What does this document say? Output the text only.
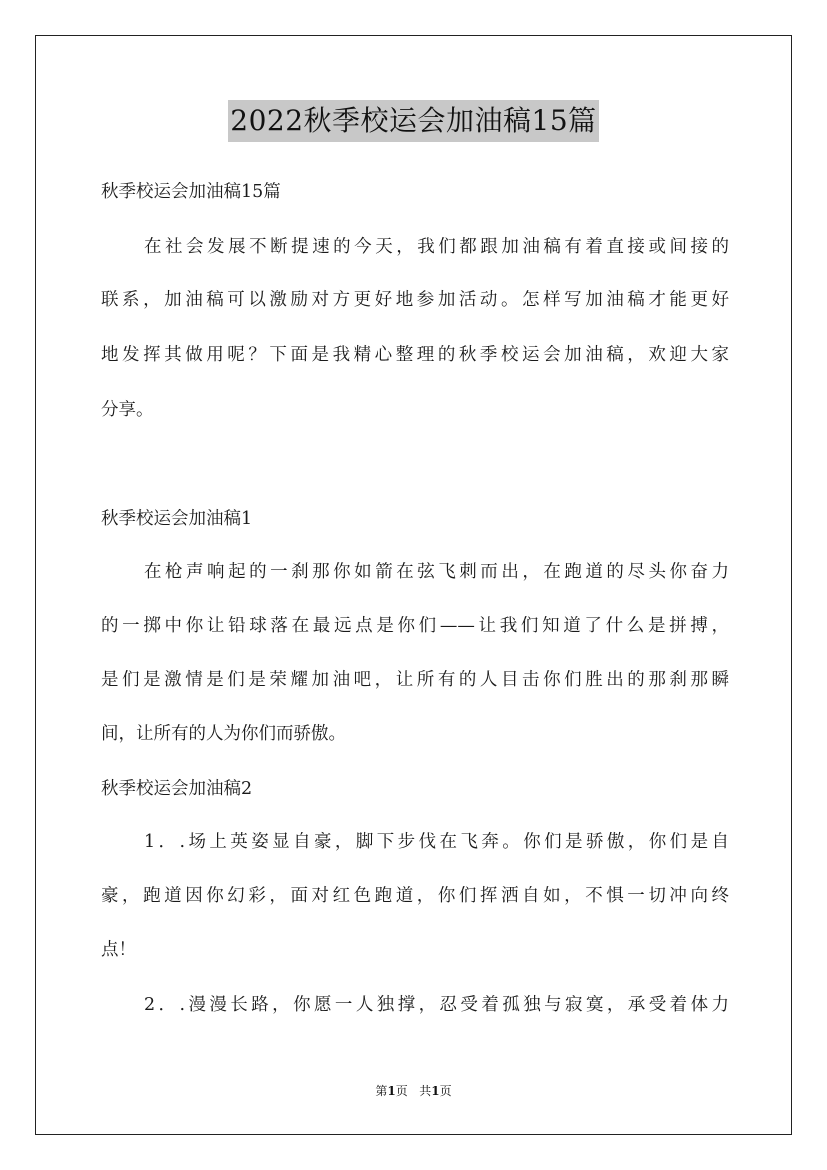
2022秋季校运会加油稿15篇
秋季校运会加油稿15篇
在社会发展不断提速的今天，我们都跟加油稿有着直接或间接的
联系，加油稿可以激励对方更好地参加活动。怎样写加油稿才能更好
地发挥其做用呢？下面是我精心整理的秋季校运会加油稿，欢迎大家
分享。
秋季校运会加油稿1
在枪声响起的一刹那你如箭在弦飞刺而出，在跑道的尽头你奋力
的一掷中你让铅球落在最远点是你们——让我们知道了什么是拼搏，
是们是激情是们是荣耀加油吧，让所有的人目击你们胜出的那刹那瞬
间，让所有的人为你们而骄傲。
秋季校运会加油稿2
1．.场上英姿显自豪，脚下步伐在飞奔。你们是骄傲，你们是自
豪，跑道因你幻彩，面对红色跑道，你们挥洒自如，不惧一切冲向终
点！
2．.漫漫长路，你愿一人独撑，忍受着孤独与寂寞，承受着体力
第1页 共1页
